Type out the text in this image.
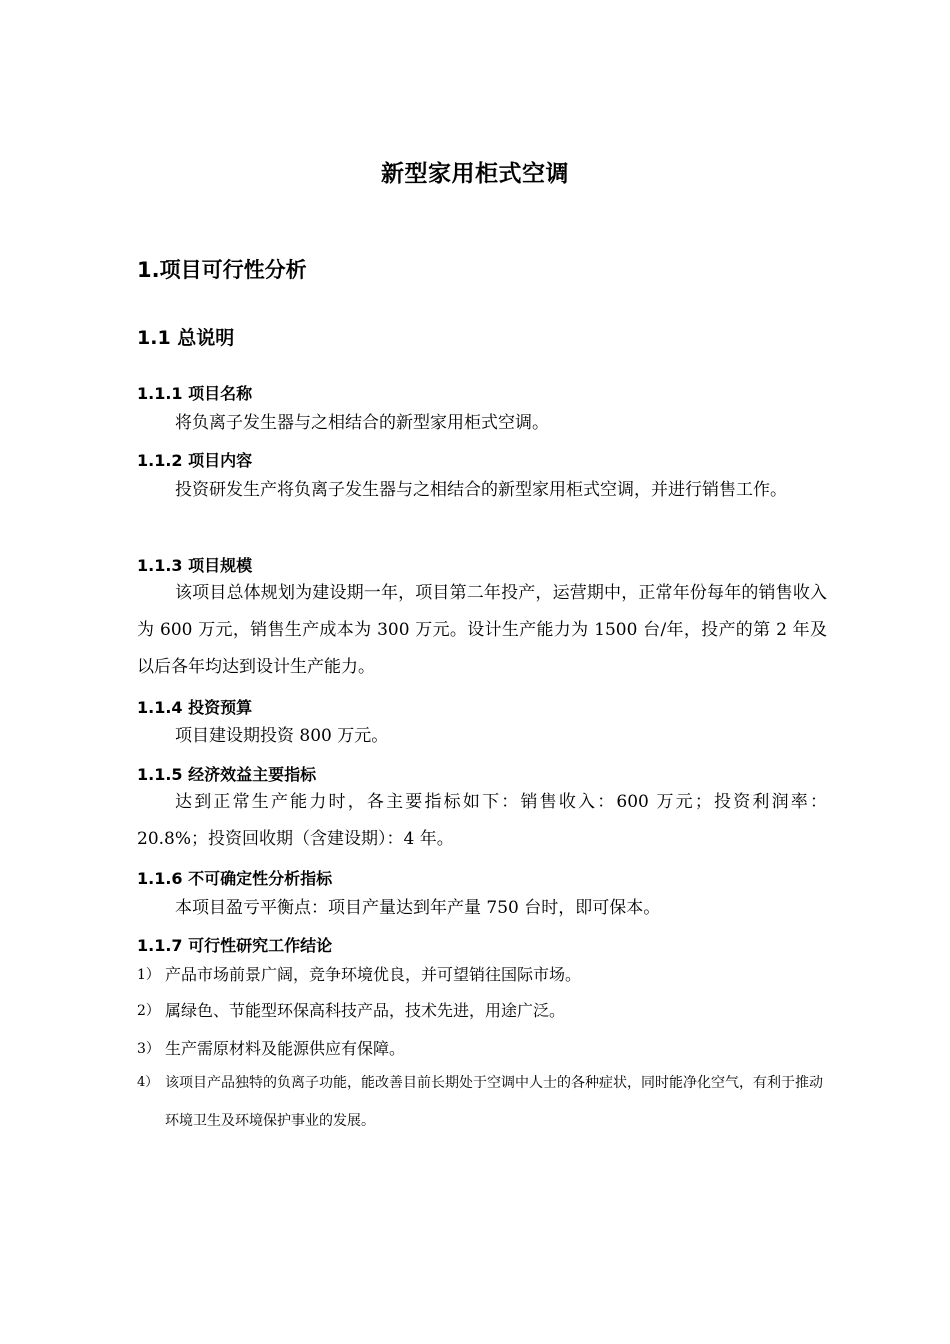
新型家用柜式空调
1.项目可行性分析
1.1 总说明
1.1.1 项目名称
将负离子发生器与之相结合的新型家用柜式空调。
1.1.2 项目内容
投资研发生产将负离子发生器与之相结合的新型家用柜式空调，并进行销售工作。
1.1.3 项目规模
该项目总体规划为建设期一年，项目第二年投产，运营期中，正常年份每年的销售收入为 600 万元，销售生产成本为 300 万元。设计生产能力为 1500 台/年，投产的第 2 年及以后各年均达到设计生产能力。
1.1.4 投资预算
项目建设期投资 800 万元。
1.1.5 经济效益主要指标
达到正常生产能力时，各主要指标如下：销售收入：600 万元；投资利润率：20.8%；投资回收期（含建设期）：4 年。
1.1.6 不可确定性分析指标
本项目盈亏平衡点：项目产量达到年产量 750 台时，即可保本。
1.1.7 可行性研究工作结论
1） 产品市场前景广阔，竞争环境优良，并可望销往国际市场。
2） 属绿色、节能型环保高科技产品，技术先进，用途广泛。
3） 生产需原材料及能源供应有保障。
4） 该项目产品独特的负离子功能，能改善目前长期处于空调中人士的各种症状，同时能净化空气，有利于推动环境卫生及环境保护事业的发展。
